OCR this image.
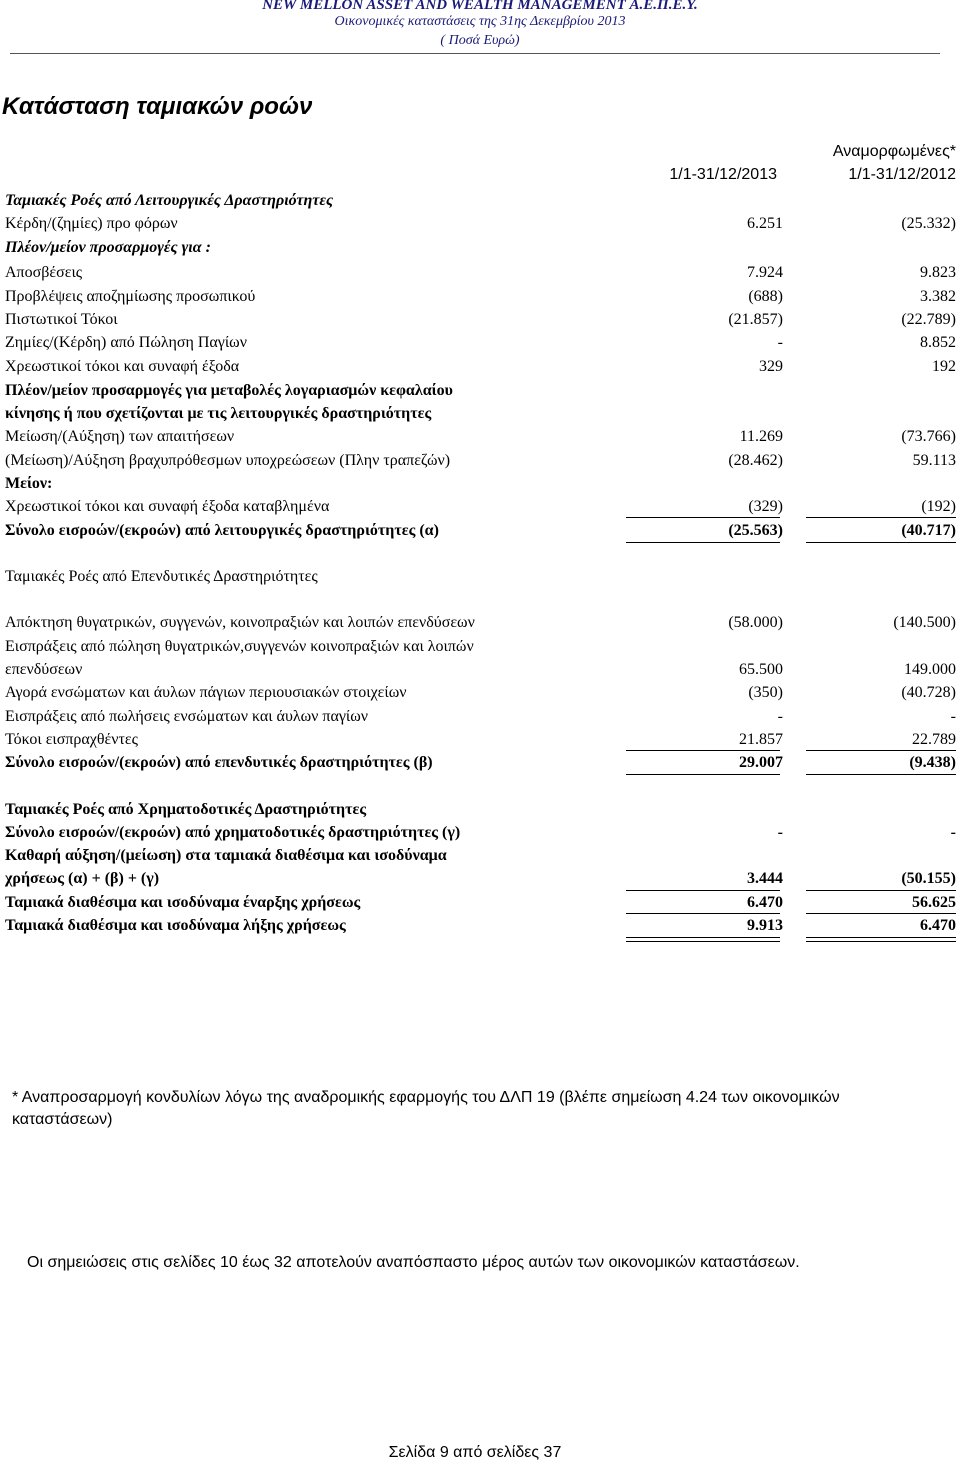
NEW MELLON ASSET AND WEALTH MANAGEMENT Α.Ε.Π.Ε.Υ.
Οικονομικές καταστάσεις της 31ης Δεκεμβρίου 2013
( Ποσά Ευρώ)
Κατάσταση ταμιακών ροών
Αναμορφωμένες*
1/1-31/12/2013	1/1-31/12/2012
Ταμιακές Ροές από Λειτουργικές Δραστηριότητες
Κέρδη/(ζημίες) προ φόρων	6.251	(25.332)
Πλέον/μείον προσαρμογές για :
Αποσβέσεις	7.924	9.823
Προβλέψεις αποζημίωσης προσωπικού	(688)	3.382
Πιστωτικοί Τόκοι	(21.857)	(22.789)
Ζημίες/(Κέρδη) από Πώληση Παγίων	-	8.852
Χρεωστικοί τόκοι και συναφή έξοδα	329	192
Πλέον/μείον προσαρμογές για μεταβολές λογαριασμών κεφαλαίου
κίνησης ή που σχετίζονται με τις λειτουργικές δραστηριότητες
Μείωση/(Αύξηση) των απαιτήσεων	11.269	(73.766)
(Μείωση)/Αύξηση βραχυπρόθεσμων υποχρεώσεων (Πλην τραπεζών)	(28.462)	59.113
Μείον:
Χρεωστικοί τόκοι και συναφή έξοδα καταβλημένα	(329)	(192)
Σύνολο εισροών/(εκροών) από λειτουργικές δραστηριότητες (α)	(25.563)	(40.717)
Ταμιακές Ροές από Επενδυτικές Δραστηριότητες
Απόκτηση θυγατρικών, συγγενών, κοινοπραξιών και λοιπών επενδύσεων	(58.000)	(140.500)
Εισπράξεις από πώληση θυγατρικών,συγγενών κοινοπραξιών και λοιπών
επενδύσεων	65.500	149.000
Αγορά ενσώματων και άυλων πάγιων περιουσιακών στοιχείων	(350)	(40.728)
Εισπράξεις από πωλήσεις ενσώματων και άυλων παγίων	-	-
Τόκοι εισπραχθέντες	21.857	22.789
Σύνολο εισροών/(εκροών) από επενδυτικές δραστηριότητες (β)	29.007	(9.438)
Ταμιακές Ροές από Χρηματοδοτικές Δραστηριότητες
Σύνολο εισροών/(εκροών) από χρηματοδοτικές δραστηριότητες (γ)	-	-
Καθαρή αύξηση/(μείωση) στα ταμιακά διαθέσιμα και ισοδύναμα
χρήσεως (α) + (β) + (γ)	3.444	(50.155)
Ταμιακά διαθέσιμα και ισοδύναμα έναρξης χρήσεως	6.470	56.625
Ταμιακά διαθέσιμα και ισοδύναμα λήξης χρήσεως	9.913	6.470
* Αναπροσαρμογή κονδυλίων λόγω της αναδρομικής εφαρμογής του ΔΛΠ 19 (βλέπε σημείωση 4.24 των οικονομικών καταστάσεων)
Οι σημειώσεις στις σελίδες 10 έως 32 αποτελούν αναπόσπαστο μέρος αυτών των οικονομικών καταστάσεων.
Σελίδα 9 από σελίδες 37
